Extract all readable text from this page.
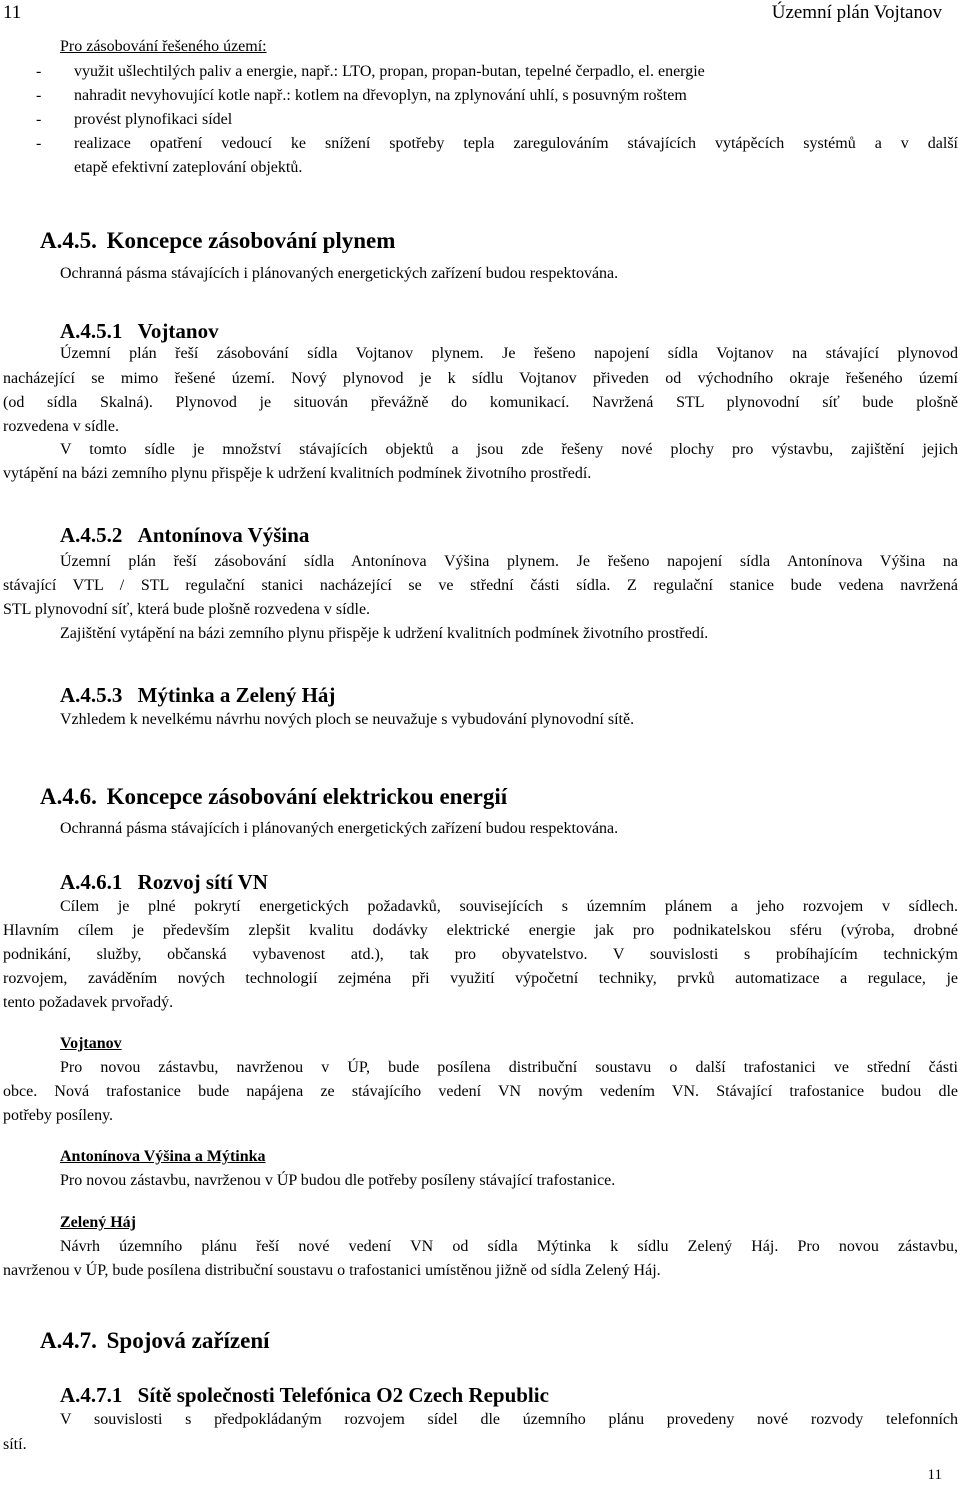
11	Územní plán Vojtanov
Pro zásobování řešeného území:
- využit ušlechtilých paliv a energie, např.: LTO, propan, propan-butan, tepelné čerpadlo, el. energie
- nahradit nevyhovující kotle např.: kotlem na dřevoplyn, na zplynování uhlí, s posuvným roštem
- provést plynofikaci sídel
- realizace opatření vedoucí ke snížení spotřeby tepla zaregulováním stávajících vytápěcích systémů a v další
etapě efektivní zateplování objektů.
A.4.5. Koncepce zásobování plynem
Ochranná pásma stávajících i plánovaných energetických zařízení budou respektována.
A.4.5.1 Vojtanov
Územní plán řeší zásobování sídla Vojtanov plynem. Je řešeno napojení sídla Vojtanov na stávající plynovod
nacházející se mimo řešené území. Nový plynovod je k sídlu Vojtanov přiveden od východního okraje řešeného území
(od sídla Skalná). Plynovod je situován převážně do komunikací. Navržená STL plynovodní síť bude plošně
rozvedena v sídle.
V tomto sídle je množství stávajících objektů a jsou zde řešeny nové plochy pro výstavbu, zajištění jejich
vytápění na bázi zemního plynu přispěje k udržení kvalitních podmínek životního prostředí.
A.4.5.2 Antonínova Výšina
Územní plán řeší zásobování sídla Antonínova Výšina plynem. Je řešeno napojení sídla Antonínova Výšina na
stávající VTL / STL regulační stanici nacházející se ve střední části sídla. Z regulační stanice bude vedena navržená
STL plynovodní síť, která bude plošně rozvedena v sídle.
Zajištění vytápění na bázi zemního plynu přispěje k udržení kvalitních podmínek životního prostředí.
A.4.5.3 Mýtinka a Zelený Háj
Vzhledem k nevelkému návrhu nových ploch se neuvažuje s vybudování plynovodní sítě.
A.4.6. Koncepce zásobování elektrickou energií
Ochranná pásma stávajících i plánovaných energetických zařízení budou respektována.
A.4.6.1 Rozvoj sítí VN
Cílem je plné pokrytí energetických požadavků, souvisejících s územním plánem a jeho rozvojem v sídlech.
Hlavním cílem je především zlepšit kvalitu dodávky elektrické energie jak pro podnikatelskou sféru (výroba, drobné
podnikání, služby, občanská vybavenost atd.), tak pro obyvatelstvo. V souvislosti s probíhajícím technickým
rozvojem, zaváděním nových technologií zejména při využití výpočetní techniky, prvků automatizace a regulace, je
tento požadavek prvořadý.
Vojtanov
Pro novou zástavbu, navrženou v ÚP, bude posílena distribuční soustavu o další trafostanici ve střední části
obce. Nová trafostanice bude napájena ze stávajícího vedení VN novým vedením VN. Stávající trafostanice budou dle
potřeby posíleny.
Antonínova Výšina a Mýtinka
Pro novou zástavbu, navrženou v ÚP budou dle potřeby posíleny stávající trafostanice.
Zelený Háj
Návrh územního plánu řeší nové vedení VN od sídla Mýtinka k sídlu Zelený Háj. Pro novou zástavbu,
navrženou v ÚP, bude posílena distribuční soustavu o trafostanici umístěnou jižně od sídla Zelený Háj.
A.4.7. Spojová zařízení
A.4.7.1 Sítě společnosti Telefónica O2 Czech Republic
V souvislosti s předpokládaným rozvojem sídel dle územního plánu provedeny nové rozvody telefonních
sítí.
11
